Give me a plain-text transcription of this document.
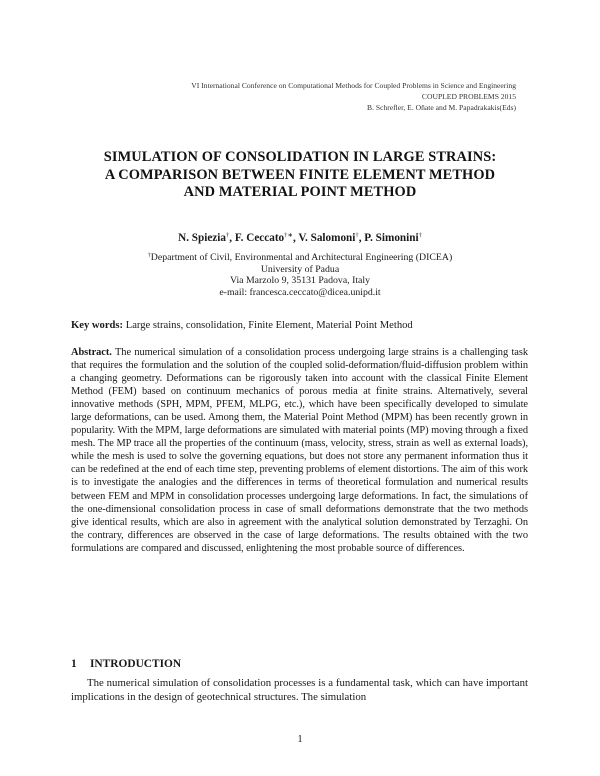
VI International Conference on Computational Methods for Coupled Problems in Science and Engineering
COUPLED PROBLEMS 2015
B. Schrefler, E. Oñate and M. Papadrakakis(Eds)
SIMULATION OF CONSOLIDATION IN LARGE STRAINS:
A COMPARISON BETWEEN FINITE ELEMENT METHOD
AND MATERIAL POINT METHOD
N. Spiezia†, F. Ceccato†∗, V. Salomoni†, P. Simonini†
†Department of Civil, Environmental and Architectural Engineering (DICEA)
University of Padua
Via Marzolo 9, 35131 Padova, Italy
e-mail: francesca.ceccato@dicea.unipd.it
Key words: Large strains, consolidation, Finite Element, Material Point Method
Abstract. The numerical simulation of a consolidation process undergoing large strains is a challenging task that requires the formulation and the solution of the coupled solid-deformation/fluid-diffusion problem within a changing geometry. Deformations can be rigorously taken into account with the classical Finite Element Method (FEM) based on continuum mechanics of porous media at finite strains. Alternatively, several innovative methods (SPH, MPM, PFEM, MLPG, etc.), which have been specifically developed to simulate large deformations, can be used. Among them, the Material Point Method (MPM) has been recently grown in popularity. With the MPM, large deformations are simulated with material points (MP) moving through a fixed mesh. The MP trace all the properties of the continuum (mass, velocity, stress, strain as well as external loads), while the mesh is used to solve the governing equations, but does not store any permanent information thus it can be redefined at the end of each time step, preventing problems of element distortions. The aim of this work is to investigate the analogies and the differences in terms of theoretical formulation and numerical results between FEM and MPM in consolidation processes undergoing large deformations. In fact, the simulations of the one-dimensional consolidation process in case of small deformations demonstrate that the two methods give identical results, which are also in agreement with the analytical solution demonstrated by Terzaghi. On the contrary, differences are observed in the case of large deformations. The results obtained with the two formulations are compared and discussed, enlightening the most probable source of differences.
1 INTRODUCTION
The numerical simulation of consolidation processes is a fundamental task, which can have important implications in the design of geotechnical structures. The simulation
1
